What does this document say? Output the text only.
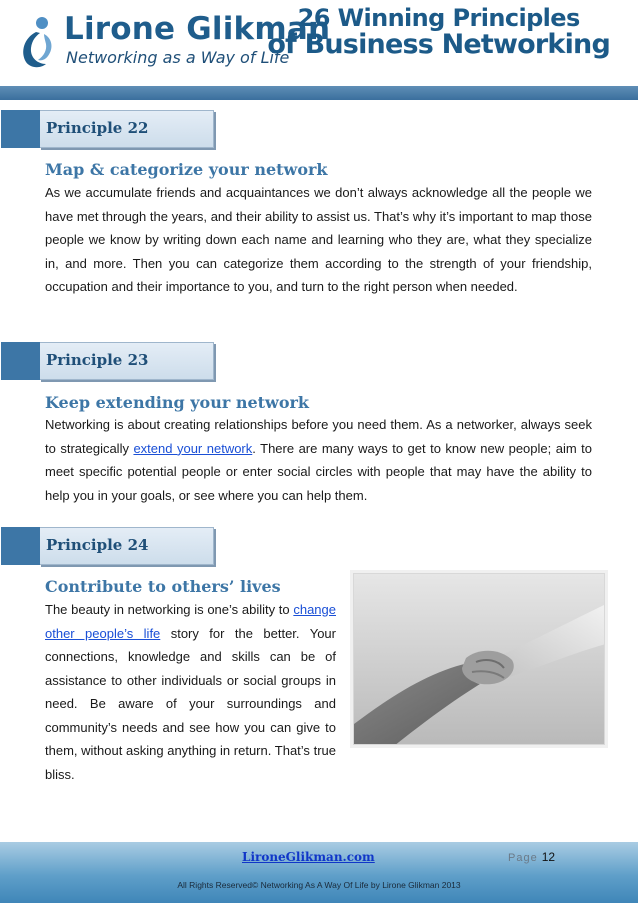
Lirone Glikman
Networking as a Way of Life
26 Winning Principles
of Business Networking
Principle 22
Map & categorize your network
As we accumulate friends and acquaintances we don’t always acknowledge all the people we have met through the years, and their ability to assist us. That’s why it’s important to map those people we know by writing down each name and learning who they are, what they specialize in, and more. Then you can categorize them according to the strength of your friendship, occupation and their importance to you, and turn to the right person when needed.
Principle 23
Keep extending your network
Networking is about creating relationships before you need them. As a networker, always seek to strategically extend your network. There are many ways to get to know new people; aim to meet specific potential people or enter social circles with people that may have the ability to help you in your goals, or see where you can help them.
Principle 24
Contribute to others’ lives
The beauty in networking is one’s ability to change other people’s life story for the better. Your connections, knowledge and skills can be of assistance to other individuals or social groups in need. Be aware of your surroundings and community’s needs and see how you can give to them, without asking anything in return. That’s true bliss.
LironeGlikman.com	Page 12
All Rights Reserved© Networking As A Way Of Life by Lirone Glikman 2013
